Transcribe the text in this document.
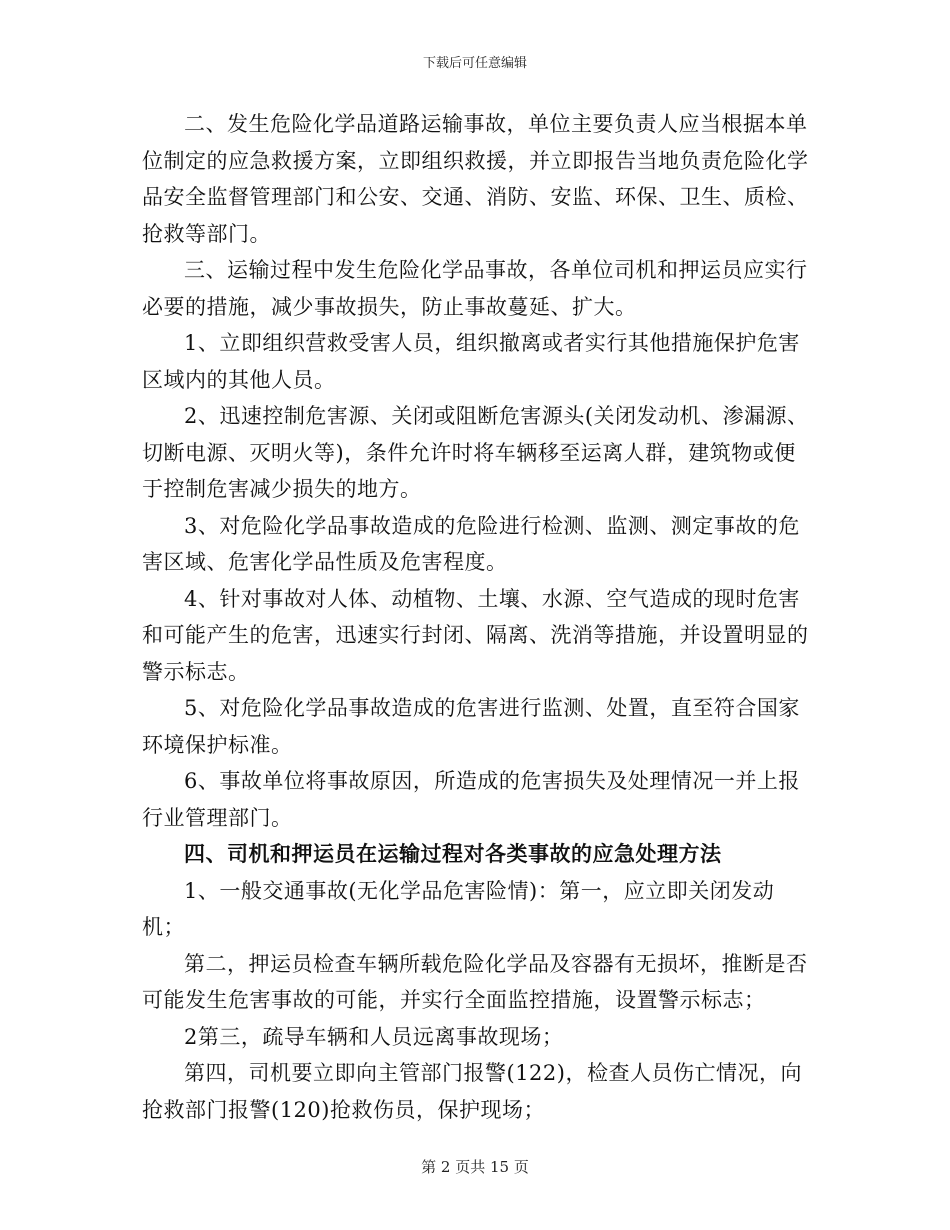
下载后可任意编辑

二、发生危险化学品道路运输事故，单位主要负责人应当根据本单位制定的应急救援方案，立即组织救援，并立即报告当地负责危险化学品安全监督管理部门和公安、交通、消防、安监、环保、卫生、质检、抢救等部门。

三、运输过程中发生危险化学品事故，各单位司机和押运员应实行必要的措施，减少事故损失，防止事故蔓延、扩大。

1、立即组织营救受害人员，组织撤离或者实行其他措施保护危害区域内的其他人员。

2、迅速控制危害源、关闭或阻断危害源头(关闭发动机、渗漏源、切断电源、灭明火等)，条件允许时将车辆移至运离人群，建筑物或便于控制危害减少损失的地方。

3、对危险化学品事故造成的危险进行检测、监测、测定事故的危害区域、危害化学品性质及危害程度。

4、针对事故对人体、动植物、土壤、水源、空气造成的现时危害和可能产生的危害，迅速实行封闭、隔离、洗消等措施，并设置明显的警示标志。

5、对危险化学品事故造成的危害进行监测、处置，直至符合国家环境保护标准。

6、事故单位将事故原因，所造成的危害损失及处理情况一并上报行业管理部门。

四、司机和押运员在运输过程对各类事故的应急处理方法

1、一般交通事故(无化学品危害险情)：第一，应立即关闭发动机；

第二，押运员检查车辆所载危险化学品及容器有无损坏，推断是否可能发生危害事故的可能，并实行全面监控措施，设置警示标志；

2第三，疏导车辆和人员远离事故现场；

第四，司机要立即向主管部门报警(122)，检查人员伤亡情况，向抢救部门报警(120)抢救伤员，保护现场；

第 2 页共 15 页
